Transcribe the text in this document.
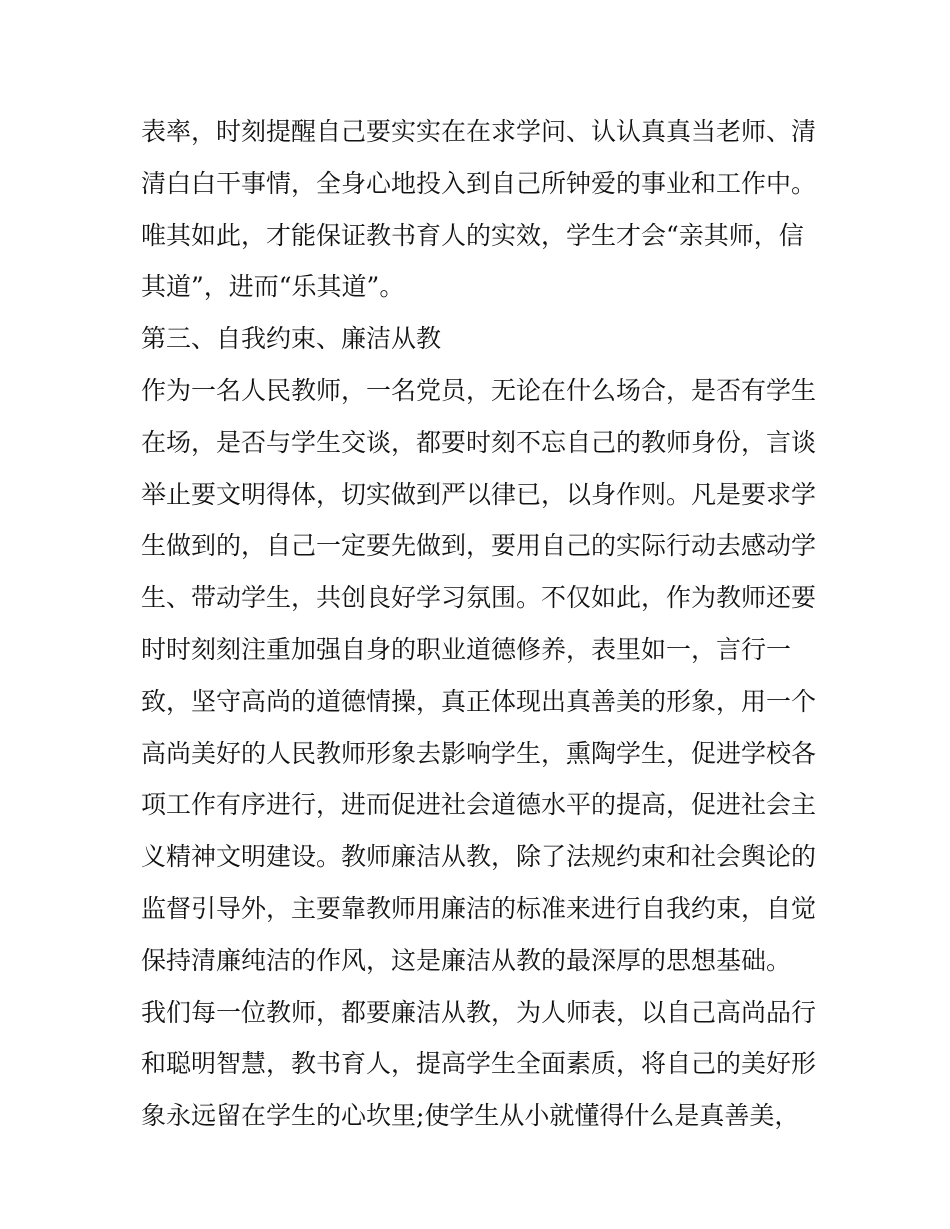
表率，时刻提醒自己要实实在在求学问、认认真真当老师、清
清白白干事情，全身心地投入到自己所钟爱的事业和工作中。
唯其如此，才能保证教书育人的实效，学生才会“亲其师，信
其道”，进而“乐其道”。
第三、自我约束、廉洁从教
作为一名人民教师，一名党员，无论在什么场合，是否有学生
在场，是否与学生交谈，都要时刻不忘自己的教师身份，言谈
举止要文明得体，切实做到严以律已，以身作则。凡是要求学
生做到的，自己一定要先做到，要用自己的实际行动去感动学
生、带动学生，共创良好学习氛围。不仅如此，作为教师还要
时时刻刻注重加强自身的职业道德修养，表里如一，言行一
致，坚守高尚的道德情操，真正体现出真善美的形象，用一个
高尚美好的人民教师形象去影响学生，熏陶学生，促进学校各
项工作有序进行，进而促进社会道德水平的提高，促进社会主
义精神文明建设。教师廉洁从教，除了法规约束和社会舆论的
监督引导外，主要靠教师用廉洁的标准来进行自我约束，自觉
保持清廉纯洁的作风，这是廉洁从教的最深厚的思想基础。
我们每一位教师，都要廉洁从教，为人师表，以自己高尚品行
和聪明智慧，教书育人，提高学生全面素质，将自己的美好形
象永远留在学生的心坎里;使学生从小就懂得什么是真善美，
